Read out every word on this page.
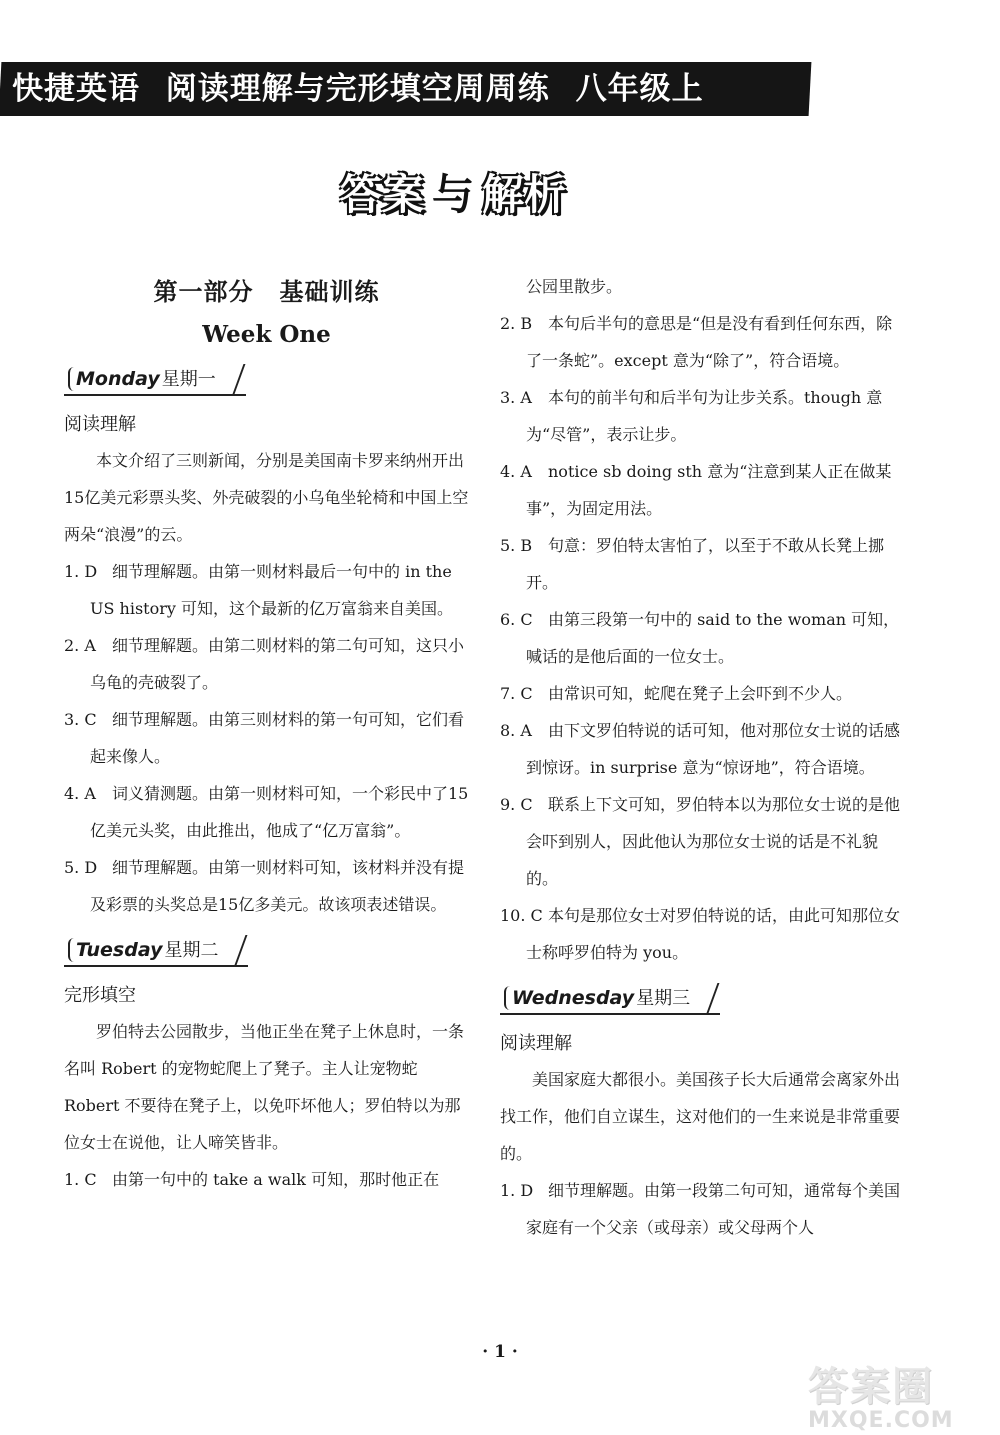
快捷英语 阅读理解与完形填空周周练 八年级上
答案 与 解析
第一部分 基础训练
Week One
Monday 星期一
阅读理解

本文介绍了三则新闻，分别是美国南卡罗来纳州开出15亿美元彩票头奖、外壳破裂的小乌龟坐轮椅和中国上空两朵“浪漫”的云。

1. D 细节理解题。由第一则材料最后一句中的 in the US history 可知，这个最新的亿万富翁来自美国。

2. A 细节理解题。由第二则材料的第二句可知，这只小乌龟的壳破裂了。

3. C 细节理解题。由第三则材料的第一句可知，它们看起来像人。

4. A 词义猜测题。由第一则材料可知，一个彩民中了15亿美元头奖，由此推出，他成了“亿万富翁”。

5. D 细节理解题。由第一则材料可知，该材料并没有提及彩票的头奖总是15亿多美元。故该项表述错误。

Tuesday 星期二
完形填空

罗伯特去公园散步，当他正坐在凳子上休息时，一条名叫 Robert 的宠物蛇爬上了凳子。主人让宠物蛇 Robert 不要待在凳子上，以免吓坏他人；罗伯特以为那位女士在说他，让人啼笑皆非。

1. C 由第一句中的 take a walk 可知，那时他正在

公园里散步。

2. B 本句后半句的意思是“但是没有看到任何东西，除了一条蛇”。except 意为“除了”，符合语境。

3. A 本句的前半句和后半句为让步关系。though 意为“尽管”，表示让步。

4. A notice sb doing sth 意为“注意到某人正在做某事”，为固定用法。

5. B 句意：罗伯特太害怕了，以至于不敢从长凳上挪开。

6. C 由第三段第一句中的 said to the woman 可知，喊话的是他后面的一位女士。

7. C 由常识可知，蛇爬在凳子上会吓到不少人。

8. A 由下文罗伯特说的话可知，他对那位女士说的话感到惊讶。in surprise 意为“惊讶地”，符合语境。

9. C 联系上下文可知，罗伯特本以为那位女士说的是他会吓到别人，因此他认为那位女士说的话是不礼貌的。

10. C 本句是那位女士对罗伯特说的话，由此可知那位女士称呼罗伯特为 you。

Wednesday 星期三
阅读理解

美国家庭大都很小。美国孩子长大后通常会离家外出找工作，他们自立谋生，这对他们的一生来说是非常重要的。

1. D 细节理解题。由第一段第二句可知，通常每个美国家庭有一个父亲（或母亲）或父母两个人

· 1 ·
答案圈
MXQE.COM
